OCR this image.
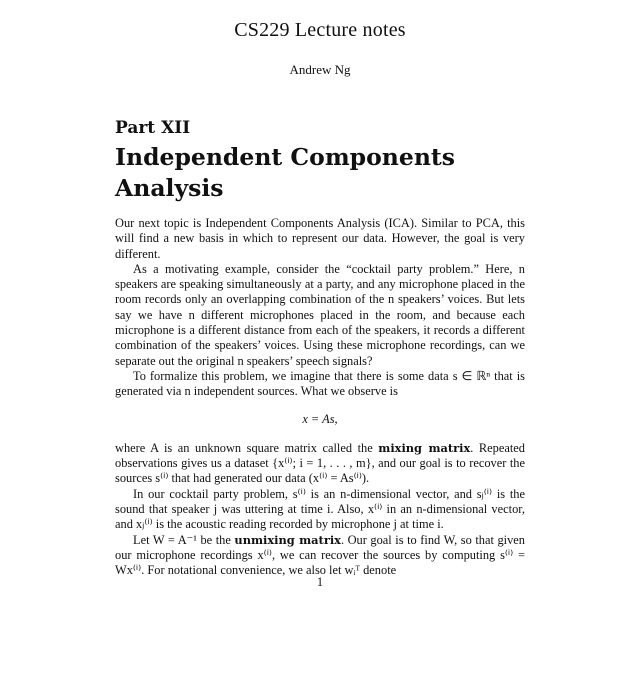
CS229 Lecture notes
Andrew Ng
Part XII
Independent Components Analysis

Our next topic is Independent Components Analysis (ICA). Similar to PCA, this will find a new basis in which to represent our data. However, the goal is very different.

As a motivating example, consider the “cocktail party problem.” Here, n speakers are speaking simultaneously at a party, and any microphone placed in the room records only an overlapping combination of the n speakers’ voices. But lets say we have n different microphones placed in the room, and because each microphone is a different distance from each of the speakers, it records a different combination of the speakers’ voices. Using these microphone recordings, can we separate out the original n speakers’ speech signals?

To formalize this problem, we imagine that there is some data s ∈ ℝⁿ that is generated via n independent sources. What we observe is

x = As,

where A is an unknown square matrix called the mixing matrix. Repeated observations gives us a dataset {x⁽ⁱ⁾; i = 1, . . . , m}, and our goal is to recover the sources s⁽ⁱ⁾ that had generated our data (x⁽ⁱ⁾ = As⁽ⁱ⁾).

In our cocktail party problem, s⁽ⁱ⁾ is an n-dimensional vector, and sⱼ⁽ⁱ⁾ is the sound that speaker j was uttering at time i. Also, x⁽ⁱ⁾ in an n-dimensional vector, and xⱼ⁽ⁱ⁾ is the acoustic reading recorded by microphone j at time i.

Let W = A⁻¹ be the unmixing matrix. Our goal is to find W, so that given our microphone recordings x⁽ⁱ⁾, we can recover the sources by computing s⁽ⁱ⁾ = Wx⁽ⁱ⁾. For notational convenience, we also let wᵢᵀ denote

1
